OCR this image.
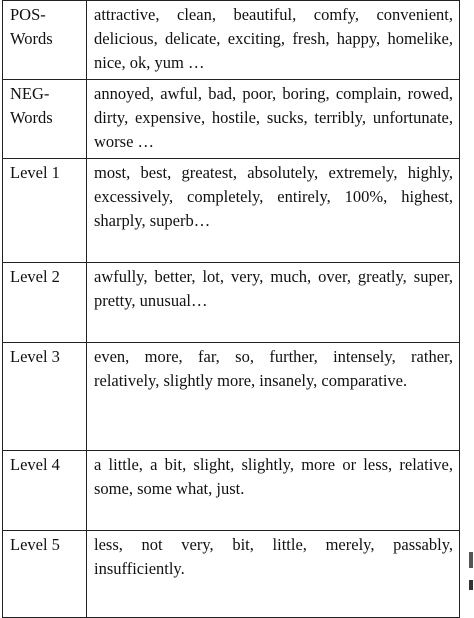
POS-
Words	attractive, clean, beautiful, comfy, convenient, delicious, delicate, exciting, fresh, happy, homelike, nice, ok, yum …
NEG-
Words	annoyed, awful, bad, poor, boring, complain, rowed, dirty, expensive, hostile, sucks, terribly, unfortunate, worse …
Level 1	most, best, greatest, absolutely, extremely, highly, excessively, completely, entirely, 100%, highest, sharply, superb…
Level 2	awfully, better, lot, very, much, over, greatly, super, pretty, unusual…
Level 3	even, more, far, so, further, intensely, rather, relatively, slightly more, insanely, comparative.
Level 4	a little, a bit, slight, slightly, more or less, relative, some, some what, just.
Level 5	less, not very, bit, little, merely, passably, insufficiently.
